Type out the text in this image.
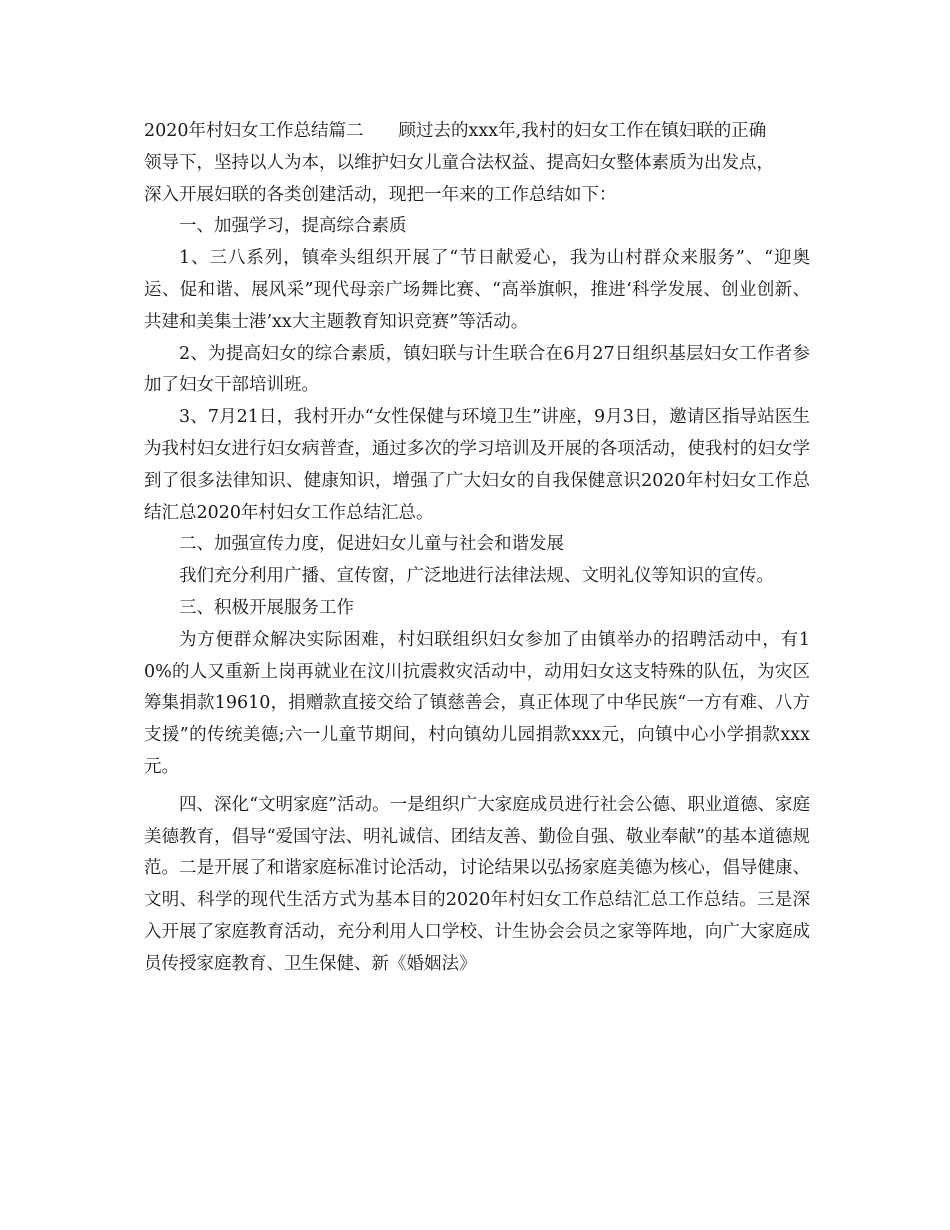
2020年村妇女工作总结篇二　　顾过去的xxx年,我村的妇女工作在镇妇联的正确
领导下，坚持以人为本，以维护妇女儿童合法权益、提高妇女整体素质为出发点，
深入开展妇联的各类创建活动，现把一年来的工作总结如下：

一、加强学习，提高综合素质

1、三八系列，镇牵头组织开展了“节日献爱心，我为山村群众来服务”、“迎奥运、促和谐、展风采”现代母亲广场舞比赛、“高举旗帜，推进‘科学发展、创业创新、共建和美集士港’xx大主题教育知识竞赛”等活动。

2、为提高妇女的综合素质，镇妇联与计生联合在6月27日组织基层妇女工作者参加了妇女干部培训班。

3、7月21日，我村开办“女性保健与环境卫生”讲座，9月3日，邀请区指导站医生为我村妇女进行妇女病普查，通过多次的学习培训及开展的各项活动，使我村的妇女学到了很多法律知识、健康知识，增强了广大妇女的自我保健意识2020年村妇女工作总结汇总2020年村妇女工作总结汇总。

二、加强宣传力度，促进妇女儿童与社会和谐发展

我们充分利用广播、宣传窗，广泛地进行法律法规、文明礼仪等知识的宣传。

三、积极开展服务工作

为方便群众解决实际困难，村妇联组织妇女参加了由镇举办的招聘活动中，有10%的人又重新上岗再就业在汶川抗震救灾活动中，动用妇女这支特殊的队伍，为灾区筹集捐款19610，捐赠款直接交给了镇慈善会，真正体现了中华民族“一方有难、八方支援”的传统美德;六一儿童节期间，村向镇幼儿园捐款xxx元，向镇中心小学捐款xxx元。

四、深化“文明家庭”活动。一是组织广大家庭成员进行社会公德、职业道德、家庭美德教育，倡导“爱国守法、明礼诚信、团结友善、勤俭自强、敬业奉献”的基本道德规范。二是开展了和谐家庭标准讨论活动，讨论结果以弘扬家庭美德为核心，倡导健康、文明、科学的现代生活方式为基本目的2020年村妇女工作总结汇总工作总结。三是深入开展了家庭教育活动，充分利用人口学校、计生协会会员之家等阵地，向广大家庭成员传授家庭教育、卫生保健、新《婚姻法》
